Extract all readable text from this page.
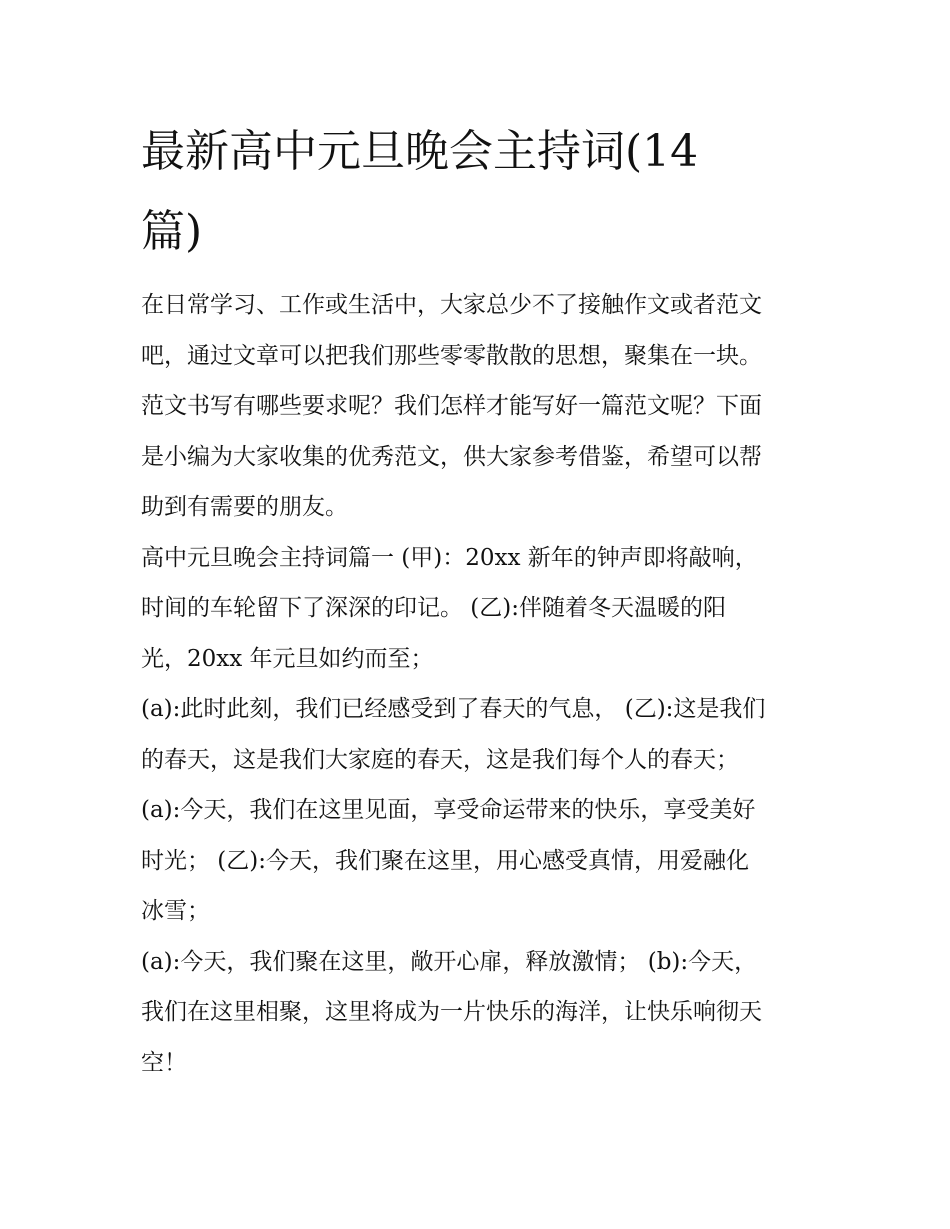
最新高中元旦晚会主持词(14
篇)

在日常学习、工作或生活中，大家总少不了接触作文或者范文
吧，通过文章可以把我们那些零零散散的思想，聚集在一块。
范文书写有哪些要求呢？我们怎样才能写好一篇范文呢？下面
是小编为大家收集的优秀范文，供大家参考借鉴，希望可以帮
助到有需要的朋友。

高中元旦晚会主持词篇一 (甲)：20xx 新年的钟声即将敲响，
时间的车轮留下了深深的印记。 (乙):伴随着冬天温暖的阳
光，20xx 年元旦如约而至；

(a):此时此刻，我们已经感受到了春天的气息， (乙):这是我们
的春天，这是我们大家庭的春天，这是我们每个人的春天；

(a):今天，我们在这里见面，享受命运带来的快乐，享受美好
时光； (乙):今天，我们聚在这里，用心感受真情，用爱融化
冰雪；

(a):今天，我们聚在这里，敞开心扉，释放激情； (b):今天，
我们在这里相聚，这里将成为一片快乐的海洋，让快乐响彻天
空！
